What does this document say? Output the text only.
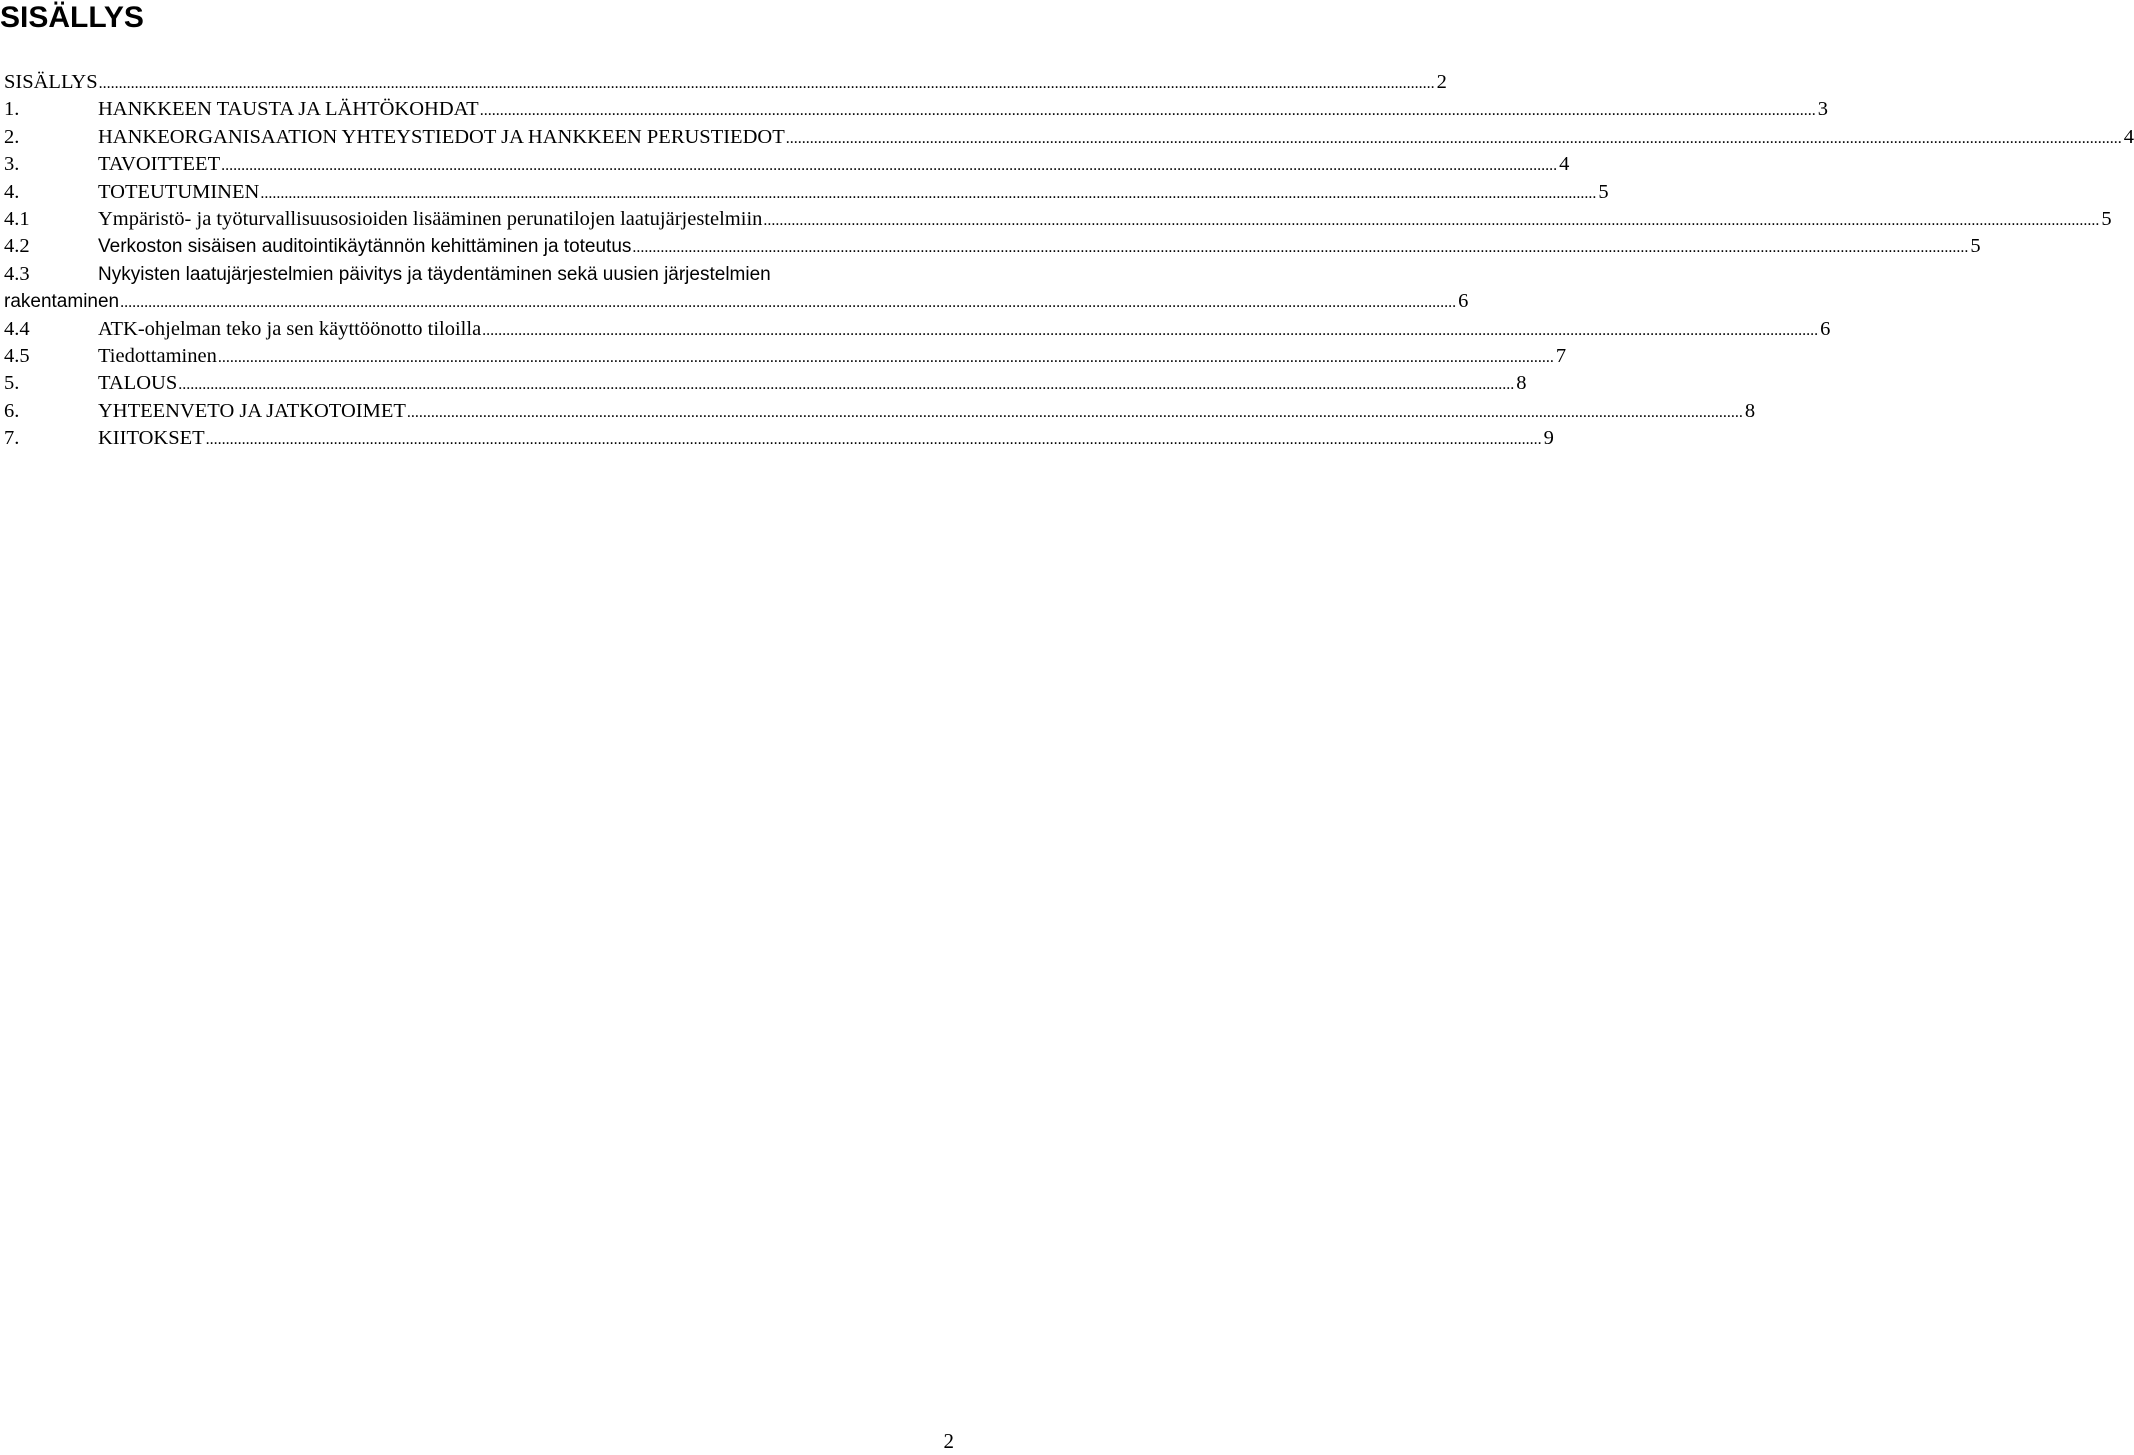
SISÄLLYS
SISÄLLYS .....	2
1.	HANKKEEN TAUSTA JA LÄHTÖKOHDAT .....	3
2.	HANKEORGANISAATION YHTEYSTIEDOT JA HANKKEEN PERUSTIEDOT .....	4
3.	TAVOITTEET .....	4
4.	TOTEUTUMINEN .....	5
4.1	Ympäristö- ja työturvallisuusosioiden lisääminen perunatilojen laatujärjestelmiin .....	5
4.2	Verkoston sisäisen auditointikäytännön kehittäminen ja toteutus .....	5
4.3	Nykyisten laatujärjestelmien päivitys ja täydentäminen sekä uusien järjestelmien
rakentaminen .....	6
4.4	ATK-ohjelman teko ja sen käyttöönotto tiloilla .....	6
4.5	Tiedottaminen .....	7
5.	TALOUS .....	8
6.	YHTEENVETO JA JATKOTOIMET .....	8
7.	KIITOKSET .....	9
2
